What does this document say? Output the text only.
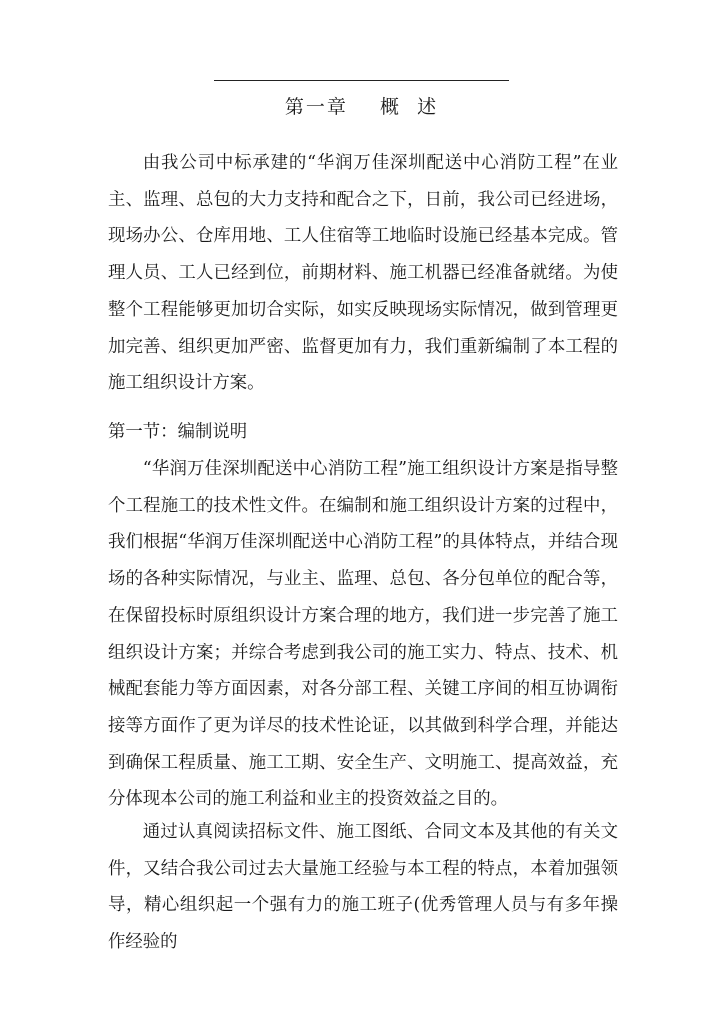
第一章    概  述

由我公司中标承建的“华润万佳深圳配送中心消防工程”在业主、监理、总包的大力支持和配合之下，日前，我公司已经进场，现场办公、仓库用地、工人住宿等工地临时设施已经基本完成。管理人员、工人已经到位，前期材料、施工机器已经准备就绪。为使整个工程能够更加切合实际，如实反映现场实际情况，做到管理更加完善、组织更加严密、监督更加有力，我们重新编制了本工程的施工组织设计方案。

第一节：编制说明

“华润万佳深圳配送中心消防工程”施工组织设计方案是指导整个工程施工的技术性文件。在编制和施工组织设计方案的过程中，我们根据“华润万佳深圳配送中心消防工程”的具体特点，并结合现场的各种实际情况，与业主、监理、总包、各分包单位的配合等，在保留投标时原组织设计方案合理的地方，我们进一步完善了施工组织设计方案；并综合考虑到我公司的施工实力、特点、技术、机械配套能力等方面因素，对各分部工程、关键工序间的相互协调衔接等方面作了更为详尽的技术性论证，以其做到科学合理，并能达到确保工程质量、施工工期、安全生产、文明施工、提高效益，充分体现本公司的施工利益和业主的投资效益之目的。

通过认真阅读招标文件、施工图纸、合同文本及其他的有关文件，又结合我公司过去大量施工经验与本工程的特点，本着加强领导，精心组织起一个强有力的施工班子(优秀管理人员与有多年操作经验的
